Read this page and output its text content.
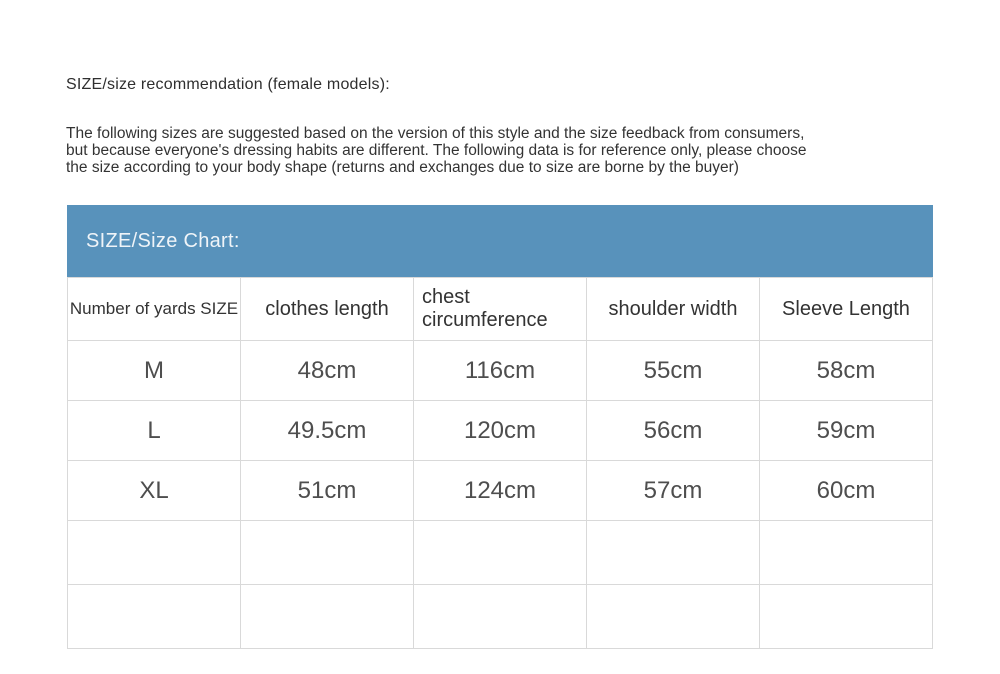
SIZE/size recommendation (female models):
The following sizes are suggested based on the version of this style and the size feedback from consumers,
but because everyone's dressing habits are different. The following data is for reference only, please choose
the size according to your body shape (returns and exchanges due to size are borne by the buyer)
SIZE/Size Chart:
Number of yards SIZE	clothes length	chest circumference	shoulder width	Sleeve Length
M	48cm	116cm	55cm	58cm
L	49.5cm	120cm	56cm	59cm
XL	51cm	124cm	57cm	60cm
